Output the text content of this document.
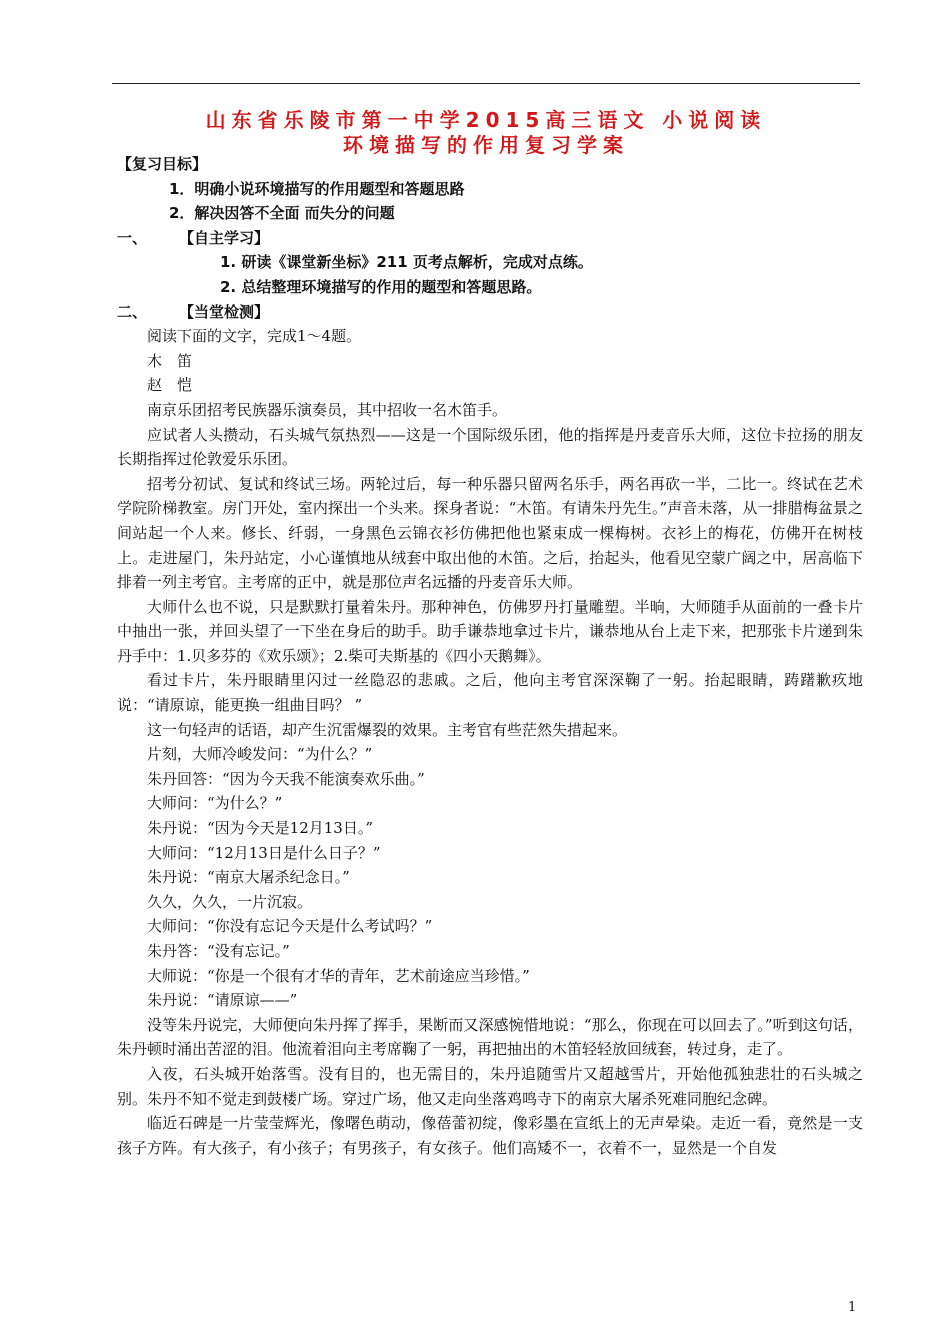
山东省乐陵市第一中学2015高三语文 小说阅读
环境描写的作用复习学案
【复习目标】
1．明确小说环境描写的作用题型和答题思路
2．解决因答不全面 而失分的问题
一、 【自主学习】
1. 研读《课堂新坐标》211 页考点解析，完成对点练。
2. 总结整理环境描写的作用的题型和答题思路。
二、 【当堂检测】
阅读下面的文字，完成1～4题。
木　笛
赵　恺
南京乐团招考民族器乐演奏员，其中招收一名木笛手。
应试者人头攒动，石头城气氛热烈——这是一个国际级乐团，他的指挥是丹麦音乐大师，这位卡拉扬的朋友长期指挥过伦敦爱乐乐团。
招考分初试、复试和终试三场。两轮过后，每一种乐器只留两名乐手，两名再砍一半，二比一。终试在艺术学院阶梯教室。房门开处，室内探出一个头来。探身者说：“木笛。有请朱丹先生。”声音未落，从一排腊梅盆景之间站起一个人来。修长、纤弱，一身黑色云锦衣衫仿佛把他也紧束成一棵梅树。衣衫上的梅花，仿佛开在树枝上。走进屋门，朱丹站定，小心谨慎地从绒套中取出他的木笛。之后，抬起头，他看见空蒙广阔之中，居高临下排着一列主考官。主考席的正中，就是那位声名远播的丹麦音乐大师。
大师什么也不说，只是默默打量着朱丹。那种神色，仿佛罗丹打量雕塑。半晌，大师随手从面前的一叠卡片中抽出一张，并回头望了一下坐在身后的助手。助手谦恭地拿过卡片，谦恭地从台上走下来，把那张卡片递到朱丹手中：1.贝多芬的《欢乐颂》；2.柴可夫斯基的《四小天鹅舞》。
看过卡片，朱丹眼睛里闪过一丝隐忍的悲戚。之后，他向主考官深深鞠了一躬。抬起眼睛，踌躇歉疚地说：“请原谅，能更换一组曲目吗？ ”
这一句轻声的话语，却产生沉雷爆裂的效果。主考官有些茫然失措起来。
片刻，大师冷峻发问：“为什么？”
朱丹回答：“因为今天我不能演奏欢乐曲。”
大师问：“为什么？”
朱丹说：“因为今天是12月13日。”
大师问：“12月13日是什么日子？”
朱丹说：“南京大屠杀纪念日。”
久久，久久，一片沉寂。
大师问：“你没有忘记今天是什么考试吗？”
朱丹答：“没有忘记。”
大师说：“你是一个很有才华的青年，艺术前途应当珍惜。”
朱丹说：“请原谅——”
没等朱丹说完，大师便向朱丹挥了挥手，果断而又深感惋惜地说：“那么，你现在可以回去了。”听到这句话，朱丹顿时涌出苦涩的泪。他流着泪向主考席鞠了一躬，再把抽出的木笛轻轻放回绒套，转过身，走了。
入夜，石头城开始落雪。没有目的，也无需目的，朱丹追随雪片又超越雪片，开始他孤独悲壮的石头城之别。朱丹不知不觉走到鼓楼广场。穿过广场，他又走向坐落鸡鸣寺下的南京大屠杀死难同胞纪念碑。
临近石碑是一片莹莹辉光，像曙色萌动，像蓓蕾初绽，像彩墨在宣纸上的无声晕染。走近一看，竟然是一支孩子方阵。有大孩子，有小孩子；有男孩子，有女孩子。他们高矮不一，衣着不一，显然是一个自发
1
